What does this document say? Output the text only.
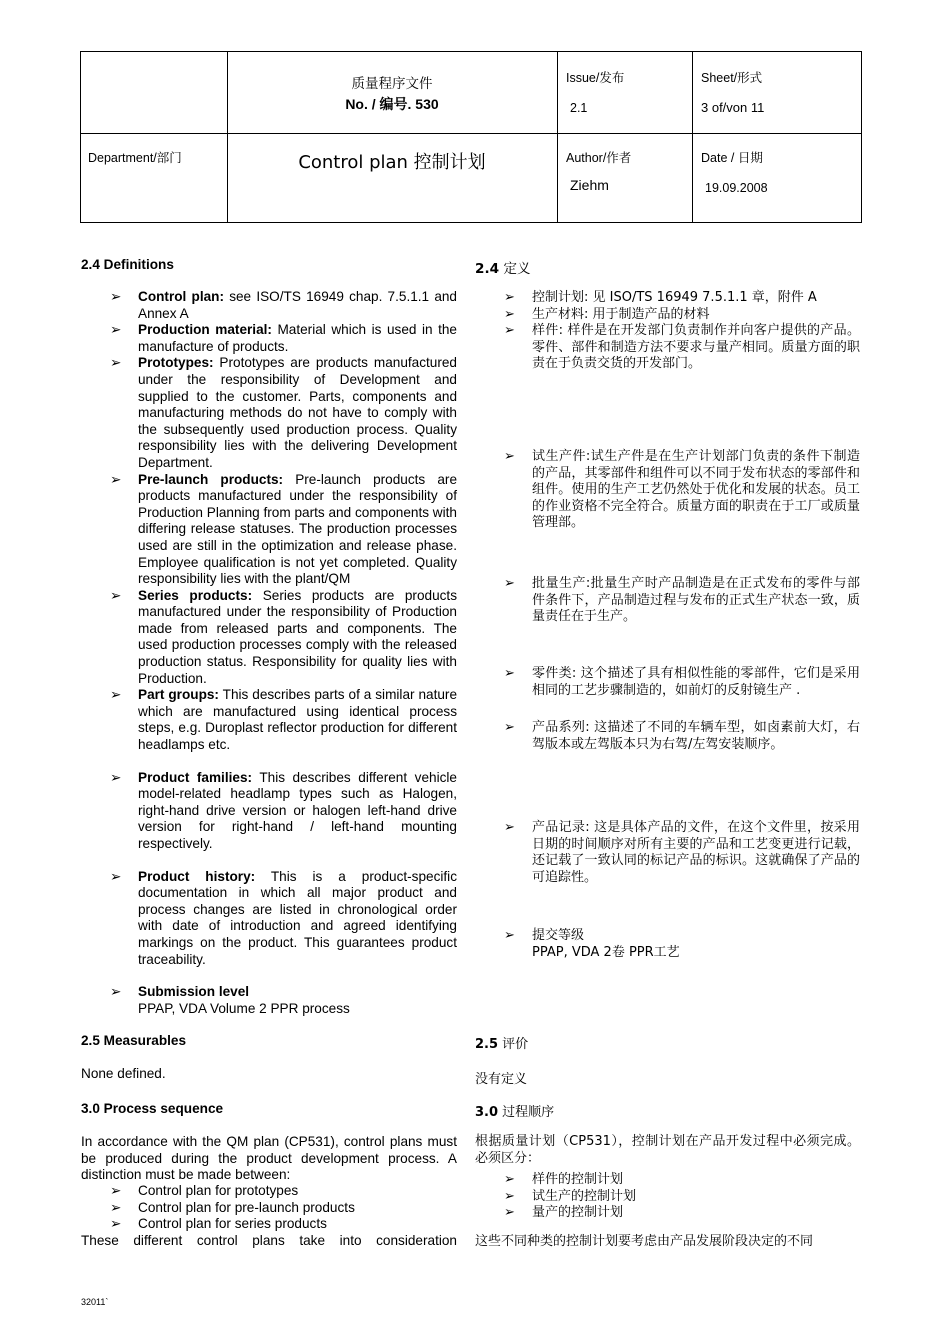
质量程序文件
No. / 编号. 530
Issue/发布
2.1
Sheet/形式
3 of/von 11
Department/部门	Control plan 控制计划	Author/作者
Ziehm
Date / 日期
19.09.2008
2.4 Definitions
➢ Control plan: see ISO/TS 16949 chap. 7.5.1.1 and Annex A
➢ Production material: Material which is used in the manufacture of products.
➢ Prototypes: Prototypes are products manufactured under the responsibility of Development and supplied to the customer. Parts, components and manufacturing methods do not have to comply with the subsequently used production process. Quality responsibility lies with the delivering Development Department.
➢ Pre-launch products: Pre-launch products are products manufactured under the responsibility of Production Planning from parts and components with differing release statuses. The production processes used are still in the optimization and release phase. Employee qualification is not yet completed. Quality responsibility lies with the plant/QM
➢ Series products: Series products are products manufactured under the responsibility of Production made from released parts and components. The used production processes comply with the released production status. Responsibility for quality lies with Production.
➢ Part groups: This describes parts of a similar nature which are manufactured using identical process steps, e.g. Duroplast reflector production for different headlamps etc.
➢ Product families: This describes different vehicle model-related headlamp types such as Halogen, right-hand drive version or halogen left-hand drive version for right-hand / left-hand mounting respectively.
➢ Product history: This is a product-specific documentation in which all major product and process changes are listed in chronological order with date of introduction and agreed identifying markings on the product. This guarantees product traceability.
➢ Submission level
PPAP, VDA Volume 2 PPR process
2.5 Measurables
None defined.
3.0 Process sequence
In accordance with the QM plan (CP531), control plans must be produced during the product development process. A distinction must be made between:
➢ Control plan for prototypes
➢ Control plan for pre-launch products
➢ Control plan for series products
These different control plans take into consideration
2.4 定义
➢ 控制计划: 见 ISO/TS 16949 7.5.1.1 章，附件 A
➢ 生产材料: 用于制造产品的材料
➢ 样件: 样件是在开发部门负责制作并向客户提供的产品。零件、部件和制造方法不要求与量产相同。质量方面的职责在于负责交货的开发部门。
➢ 试生产件:试生产件是在生产计划部门负责的条件下制造的产品，其零部件和组件可以不同于发布状态的零部件和组件。使用的生产工艺仍然处于优化和发展的状态。员工的作业资格不完全符合。质量方面的职责在于工厂或质量管理部。
➢ 批量生产:批量生产时产品制造是在正式发布的零件与部件条件下，产品制造过程与发布的正式生产状态一致，质量责任在于生产。
➢ 零件类: 这个描述了具有相似性能的零部件，它们是采用相同的工艺步骤制造的，如前灯的反射镜生产 .
➢ 产品系列: 这描述了不同的车辆车型，如卤素前大灯，右驾版本或左驾版本只为右驾/左驾安装顺序。
➢ 产品记录: 这是具体产品的文件，在这个文件里，按采用日期的时间顺序对所有主要的产品和工艺变更进行记载，还记载了一致认同的标记产品的标识。这就确保了产品的可追踪性。
➢ 提交等级
PPAP, VDA 2卷 PPR工艺
2.5 评价
没有定义
3.0 过程顺序
根据质量计划（CP531），控制计划在产品开发过程中必须完成。必须区分：
➢ 样件的控制计划
➢ 试生产的控制计划
➢ 量产的控制计划
这些不同种类的控制计划要考虑由产品发展阶段决定的不同
32011`
